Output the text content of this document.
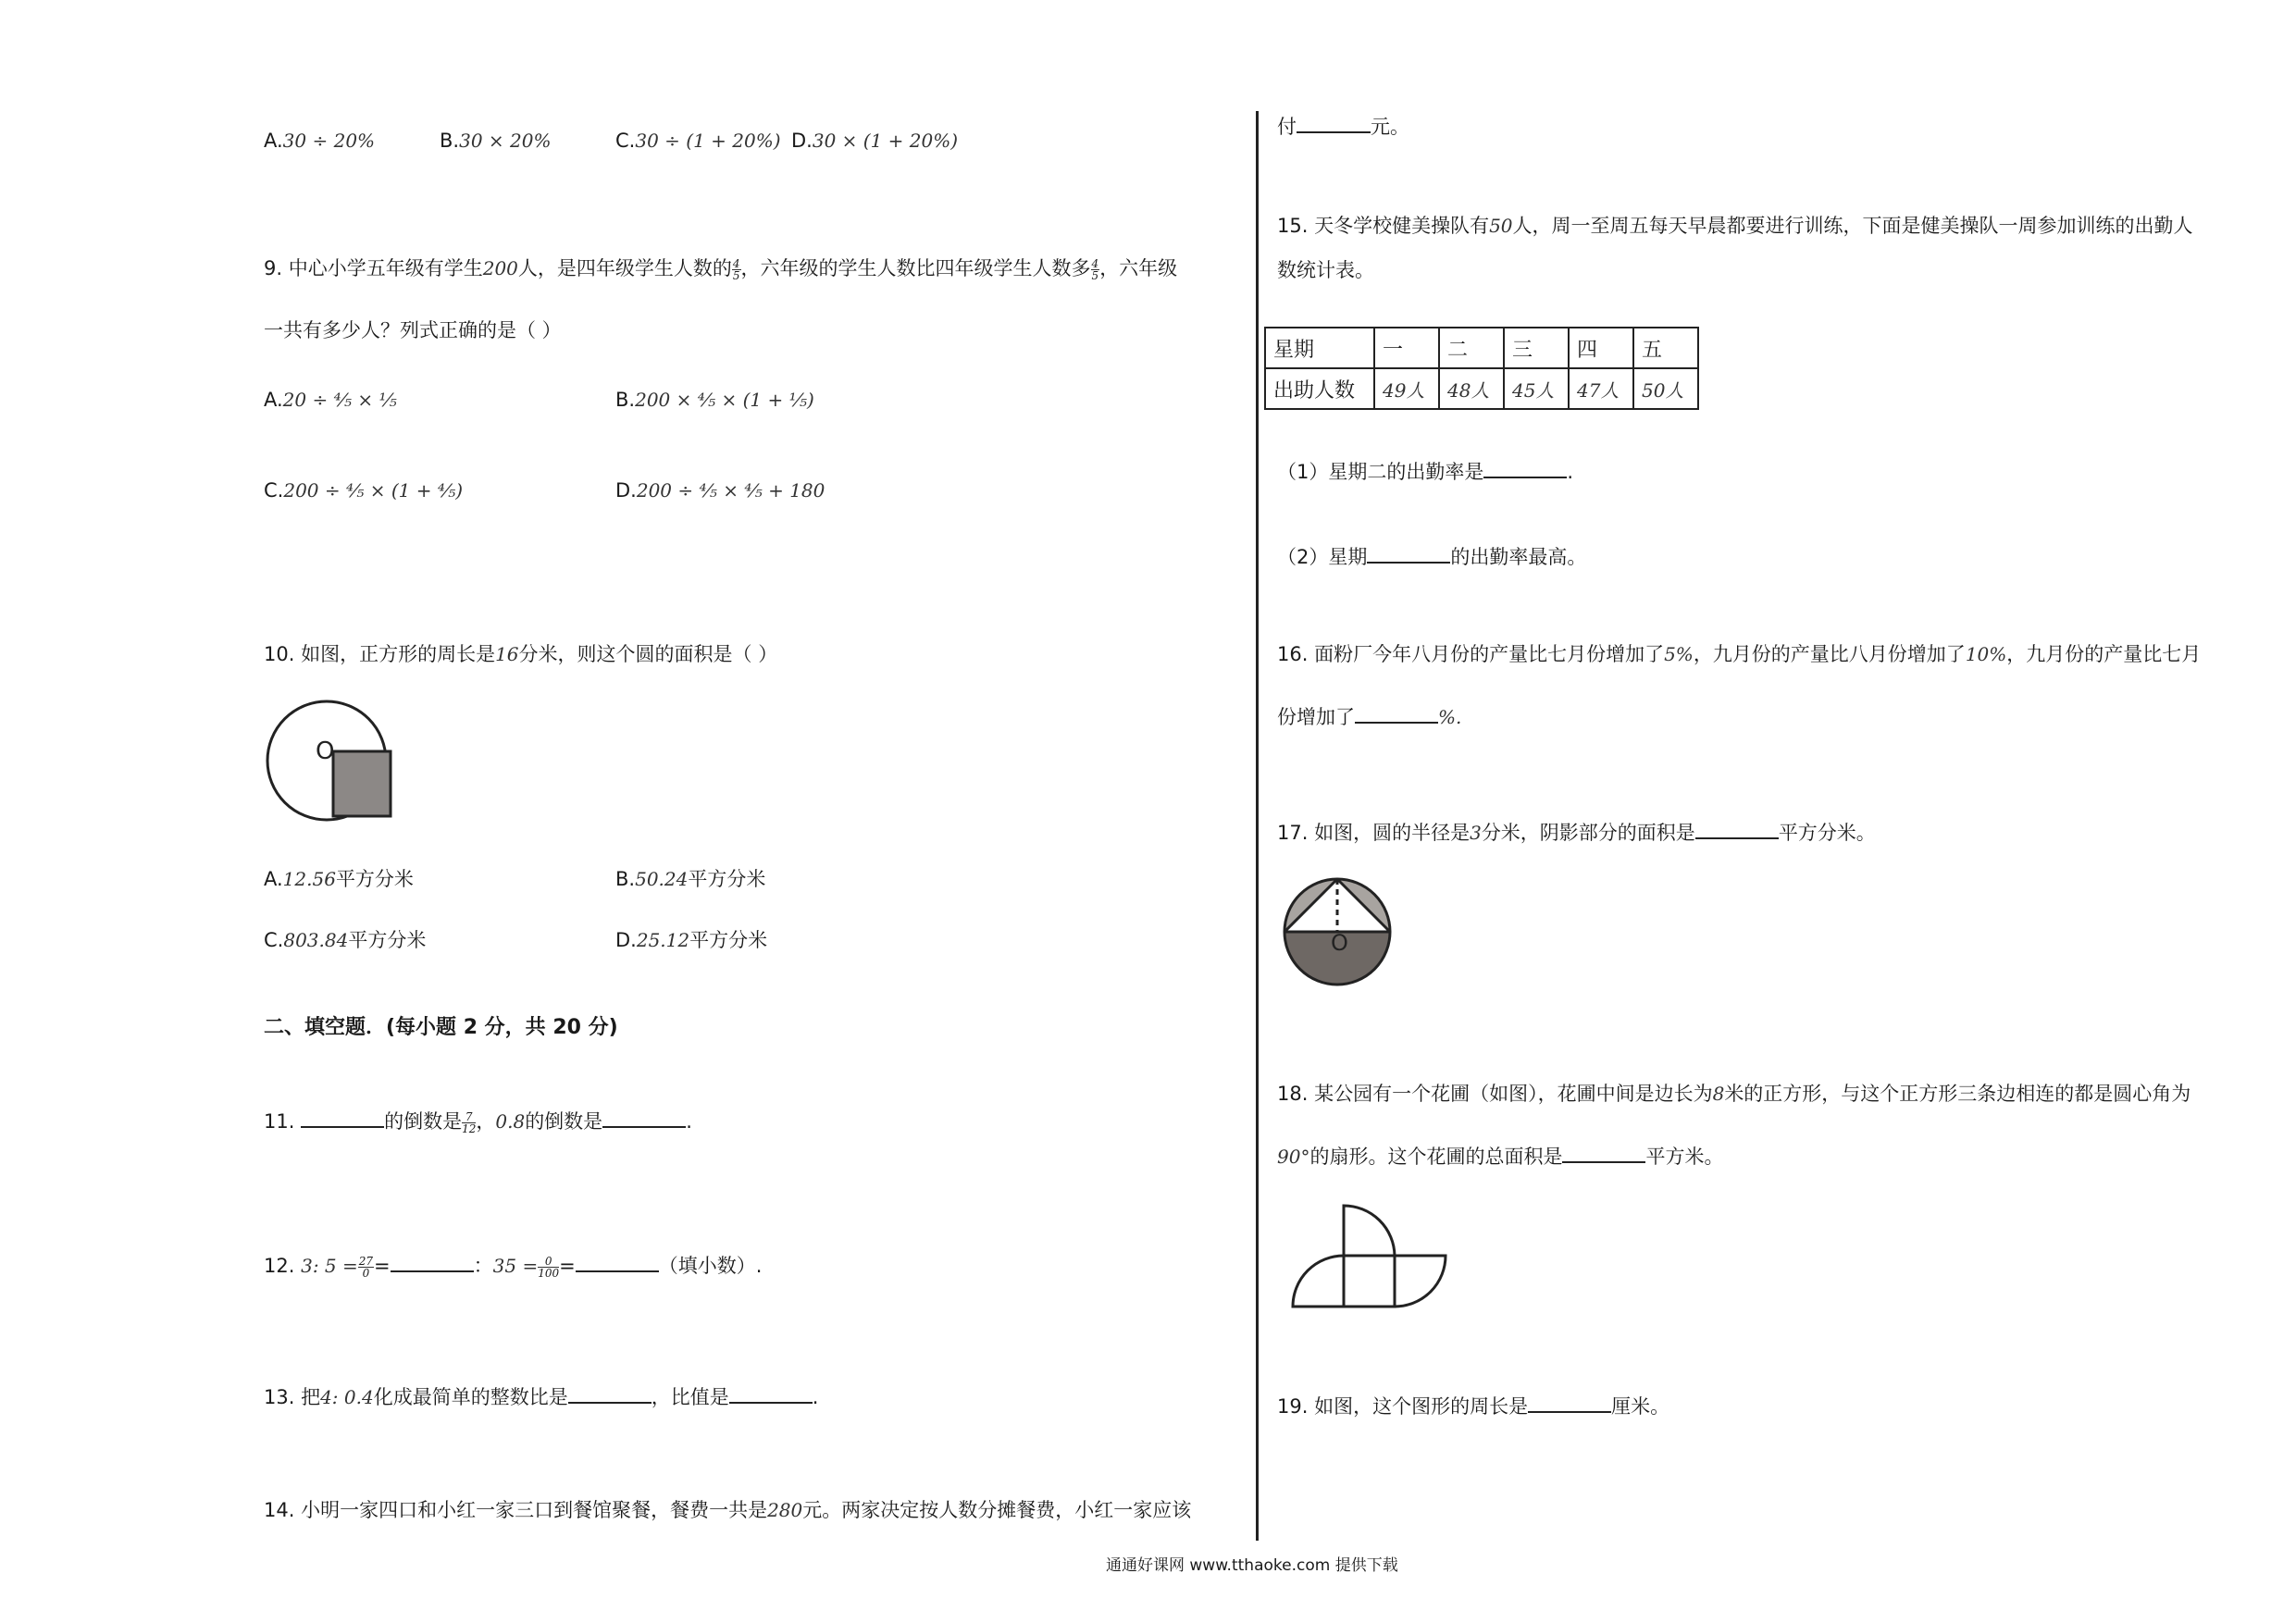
A.30 ÷ 20%	B.30 × 20%	C.30 ÷ (1 + 20%) D.30 × (1 + 20%)
9. 中心小学五年级有学生200人，是四年级学生人数的 $\frac{4}{5}$ ，六年级的学生人数比四年级学生人数多 $\frac{4}{5}$ ，六年级
一共有多少人？列式正确的是（ ）
A.20 ÷ ⁴⁄₅ × ¹⁄₅	B.200 × ⁴⁄₅ × (1 + ¹⁄₅)
C.200 ÷ ⁴⁄₅ × (1 + ⁴⁄₅)	D.200 ÷ ⁴⁄₅ × ⁴⁄₅ + 180
10. 如图，正方形的周长是16分米，则这个圆的面积是（ ）
O
A.12.56平方分米	B.50.24平方分米
C.803.84平方分米	D.25.12平方分米
二、填空题．(每小题 2 分，共 20 分)
11.	的倒数是 $\frac{7}{12}$ ，0.8的倒数是	.
12. 3: $5 = \frac{27}{0}$ =	：$35 = \frac{0}{100}$ =	（填小数）.
13. 把4: 0.4化成最简单的整数比是	，比值是	.
14. 小明一家四口和小红一家三口到餐馆聚餐，餐费一共是280元。两家决定按人数分摊餐费，小红一家应该
付	元。
15. 天冬学校健美操队有50人，周一至周五每天早晨都要进行训练，下面是健美操队一周参加训练的出勤人
数统计表。
星期	一	二	三	四	五
出助人数	49人	48人	45人	47人	50人
（1）星期二的出勤率是	.
（2）星期	的出勤率最高。
16. 面粉厂今年八月份的产量比七月份增加了5%，九月份的产量比八月份增加了10%，九月份的产量比七月
份增加了	%.
17. 如图，圆的半径是3分米，阴影部分的面积是	平方分米。
O
18. 某公园有一个花圃（如图），花圃中间是边长为8米的正方形，与这个正方形三条边相连的都是圆心角为
90°的扇形。这个花圃的总面积是	平方米。
19. 如图，这个图形的周长是	厘米。
通通好课网 www.tthaoke.com 提供下载
